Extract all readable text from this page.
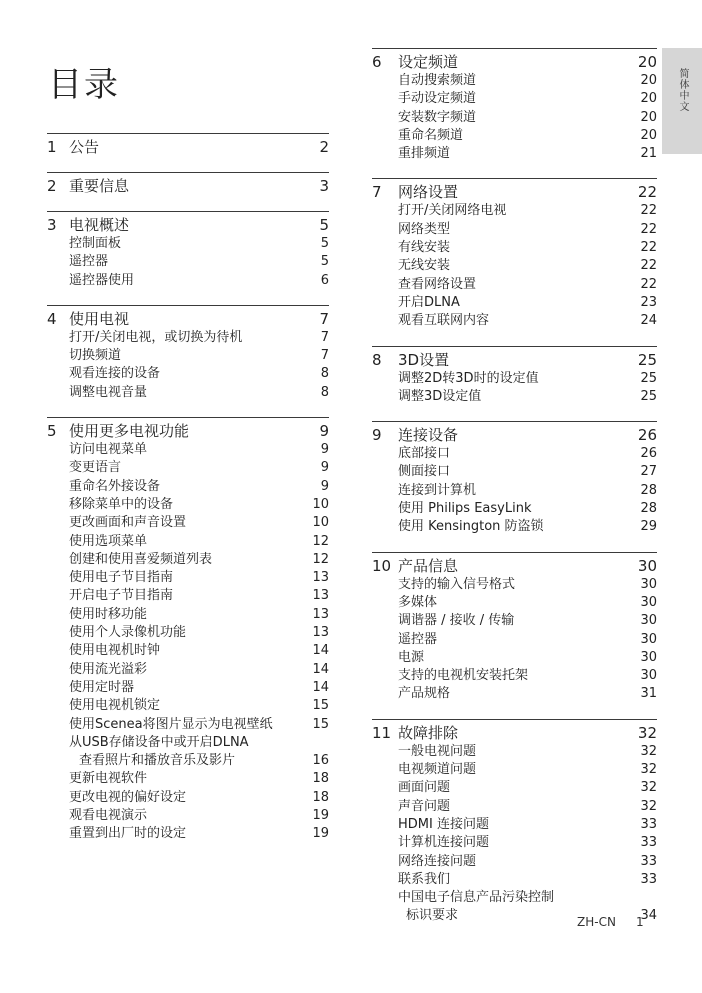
目录	简体中文
1 公告	2
2 重要信息	3
3 电视概述	5
控制面板	5
遥控器	5
遥控器使用	6
4 使用电视	7
打开/关闭电视，或切换为待机	7
切换频道	7
观看连接的设备	8
调整电视音量	8
5 使用更多电视功能	9
访问电视菜单	9
变更语言	9
重命名外接设备	9
移除菜单中的设备	10
更改画面和声音设置	10
使用选项菜单	12
创建和使用喜爱频道列表	12
使用电子节目指南	13
开启电子节目指南	13
使用时移功能	13
使用个人录像机功能	13
使用电视机时钟	14
使用流光溢彩	14
使用定时器	14
使用电视机锁定	15
使用Scenea将图片显示为电视壁纸	15
从USB存储设备中或开启DLNA
查看照片和播放音乐及影片	16
更新电视软件	18
更改电视的偏好设定	18
观看电视演示	19
重置到出厂时的设定	19
6	设定频道	20
自动搜索频道	20
手动设定频道	20
安装数字频道	20
重命名频道	20
重排频道	21
7	网络设置	22
打开/关闭网络电视	22
网络类型	22
有线安装	22
无线安装	22
查看网络设置	22
开启DLNA	23
观看互联网内容	24
8	3D设置	25
调整2D转3D时的设定值	25
调整3D设定值	25
9	连接设备	26
底部接口	26
侧面接口	27
连接到计算机	28
使用 Philips EasyLink	28
使用 Kensington 防盗锁	29
10 产品信息	30
支持的输入信号格式	30
多媒体	30
调谐器 / 接收 / 传输	30
遥控器	30
电源	30
支持的电视机安装托架	30
产品规格	31
11 故障排除	32
一般电视问题	32
电视频道问题	32
画面问题	32
声音问题	32
HDMI 连接问题	33
计算机连接问题	33
网络连接问题	33
联系我们	33
中国电子信息产品污染控制
标识要求	34
ZH-CN 1
